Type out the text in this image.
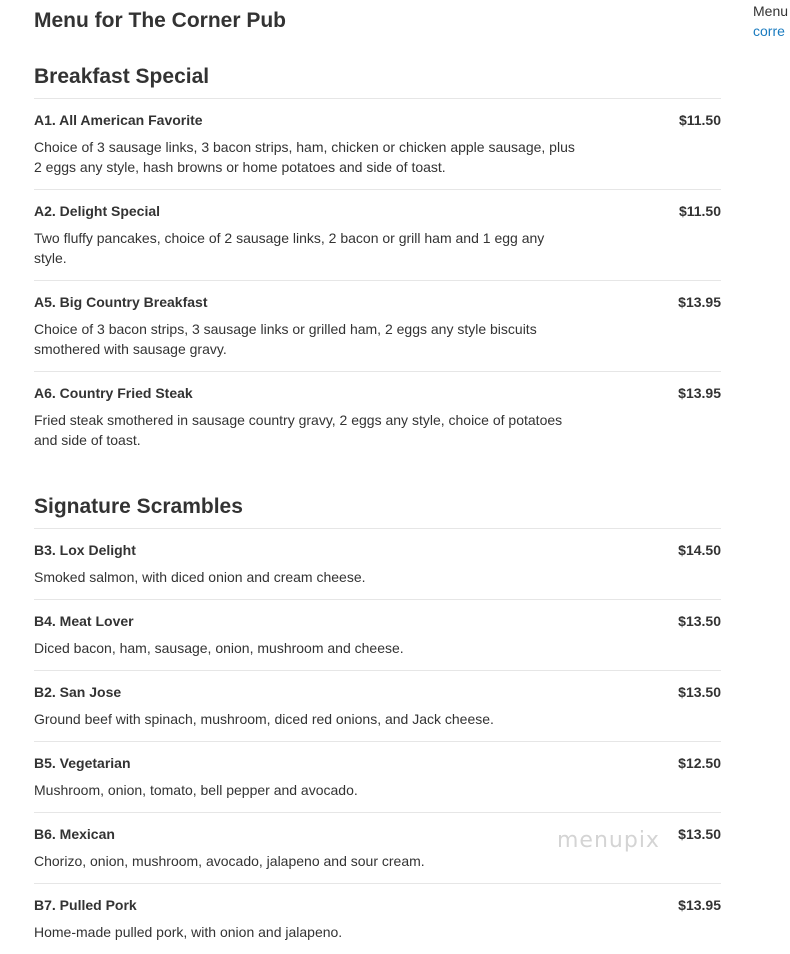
Menu for The Corner Pub
Breakfast Special
A1. All American Favorite	$11.50
Choice of 3 sausage links, 3 bacon strips, ham, chicken or chicken apple sausage, plus 2 eggs any style, hash browns or home potatoes and side of toast.
A2. Delight Special	$11.50
Two fluffy pancakes, choice of 2 sausage links, 2 bacon or grill ham and 1 egg any style.
A5. Big Country Breakfast	$13.95
Choice of 3 bacon strips, 3 sausage links or grilled ham, 2 eggs any style biscuits smothered with sausage gravy.
A6. Country Fried Steak	$13.95
Fried steak smothered in sausage country gravy, 2 eggs any style, choice of potatoes and side of toast.
Signature Scrambles
B3. Lox Delight	$14.50
Smoked salmon, with diced onion and cream cheese.
B4. Meat Lover	$13.50
Diced bacon, ham, sausage, onion, mushroom and cheese.
B2. San Jose	$13.50
Ground beef with spinach, mushroom, diced red onions, and Jack cheese.
B5. Vegetarian	$12.50
Mushroom, onion, tomato, bell pepper and avocado.
B6. Mexican	$13.50
Chorizo, onion, mushroom, avocado, jalapeno and sour cream.
B7. Pulled Pork	$13.95
Home-made pulled pork, with onion and jalapeno.
Menu
corre
menupix
